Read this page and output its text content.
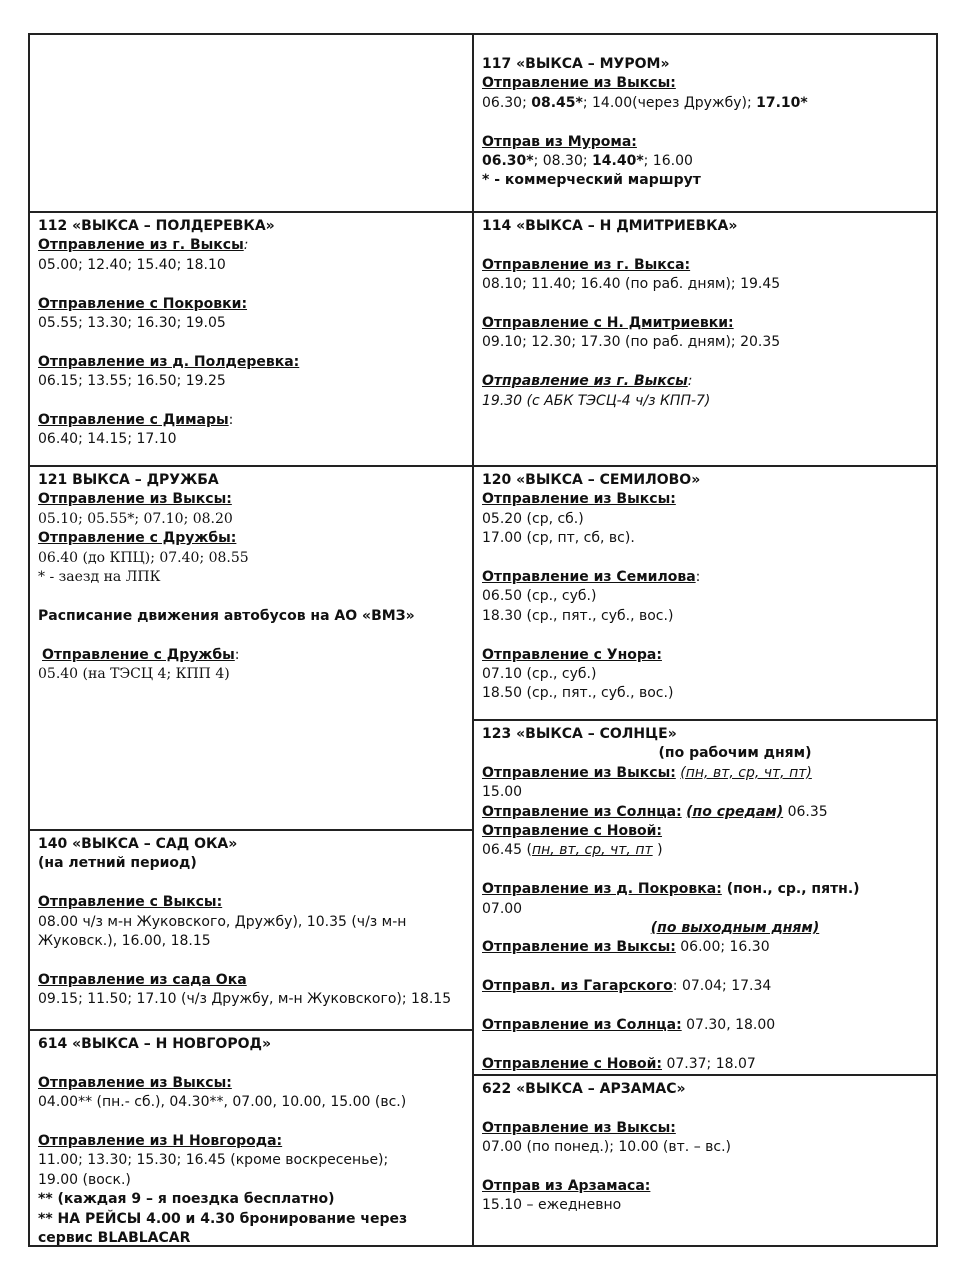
117 «ВЫКСА – МУРОМ»

Отправление из Выксы:

06.30; 08.45*; 14.00(через Дружбу); 17.10*

Отправ из Мурома:

06.30*; 08.30; 14.40*; 16.00

* - коммерческий маршрут

112 «ВЫКСА – ПОЛДЕРЕВКА»

Отправление из г. Выксы:

05.00; 12.40; 15.40; 18.10

Отправление с Покровки:

05.55; 13.30; 16.30; 19.05

Отправление из д. Полдеревка:

06.15; 13.55; 16.50; 19.25

Отправление с Димары:

06.40; 14.15; 17.10

114 «ВЫКСА – Н ДМИТРИЕВКА»

Отправление из г. Выкса:

08.10; 11.40; 16.40 (по раб. дням); 19.45

Отправление с Н. Дмитриевки:

09.10; 12.30; 17.30 (по раб. дням); 20.35

Отправление из г. Выксы:

19.30 (с АБК ТЭСЦ-4 ч/з КПП-7)

121 ВЫКСА – ДРУЖБА

Отправление из Выксы:

05.10; 05.55*; 07.10; 08.20

Отправление с Дружбы:

06.40 (до КПЦ); 07.40; 08.55

* - заезд на ЛПК

Расписание движения автобусов на АО «ВМЗ»

Отправление с Дружбы:

05.40 (на ТЭСЦ 4; КПП 4)

120 «ВЫКСА – СЕМИЛОВО»

Отправление из Выксы:

05.20 (ср, сб.)

17.00 (ср, пт, сб, вс).

Отправление из Семилова:

06.50 (ср., суб.)

18.30 (ср., пят., суб., вос.)

Отправление с Унора:

07.10 (ср., суб.)

18.50 (ср., пят., суб., вос.)

123 «ВЫКСА – СОЛНЦЕ»

(по рабочим дням)

Отправление из Выксы: (пн, вт, ср, чт, пт)

15.00

Отправление из Солнца: (по средам) 06.35

Отправление с Новой:

06.45 (пн, вт, ср, чт, пт )

Отправление из д. Покровка: (пон., ср., пятн.)

07.00

(по выходным дням)

Отправление из Выксы: 06.00; 16.30

Отправл. из Гагарского: 07.04; 17.34

Отправление из Солнца: 07.30, 18.00

Отправление с Новой: 07.37; 18.07

140 «ВЫКСА – САД ОКА»

(на летний период)

Отправление с Выксы:

08.00 ч/з м-н Жуковского, Дружбу), 10.35 (ч/з м-н

Жуковск.), 16.00, 18.15

Отправление из сада Ока

09.15; 11.50; 17.10 (ч/з Дружбу, м-н Жуковского); 18.15

614 «ВЫКСА – Н НОВГОРОД»

Отправление из Выксы:

04.00** (пн.- сб.), 04.30**, 07.00, 10.00, 15.00 (вс.)

Отправление из Н Новгорода:

11.00; 13.30; 15.30; 16.45 (кроме воскресенье);

19.00 (воск.)

** (каждая 9 – я поездка бесплатно)

** НА РЕЙСЫ 4.00 и 4.30 бронирование через

сервис BLABLACAR

622 «ВЫКСА – АРЗАМАС»

Отправление из Выксы:

07.00 (по понед.); 10.00 (вт. – вс.)

Отправ из Арзамаса:

15.10 – ежедневно
